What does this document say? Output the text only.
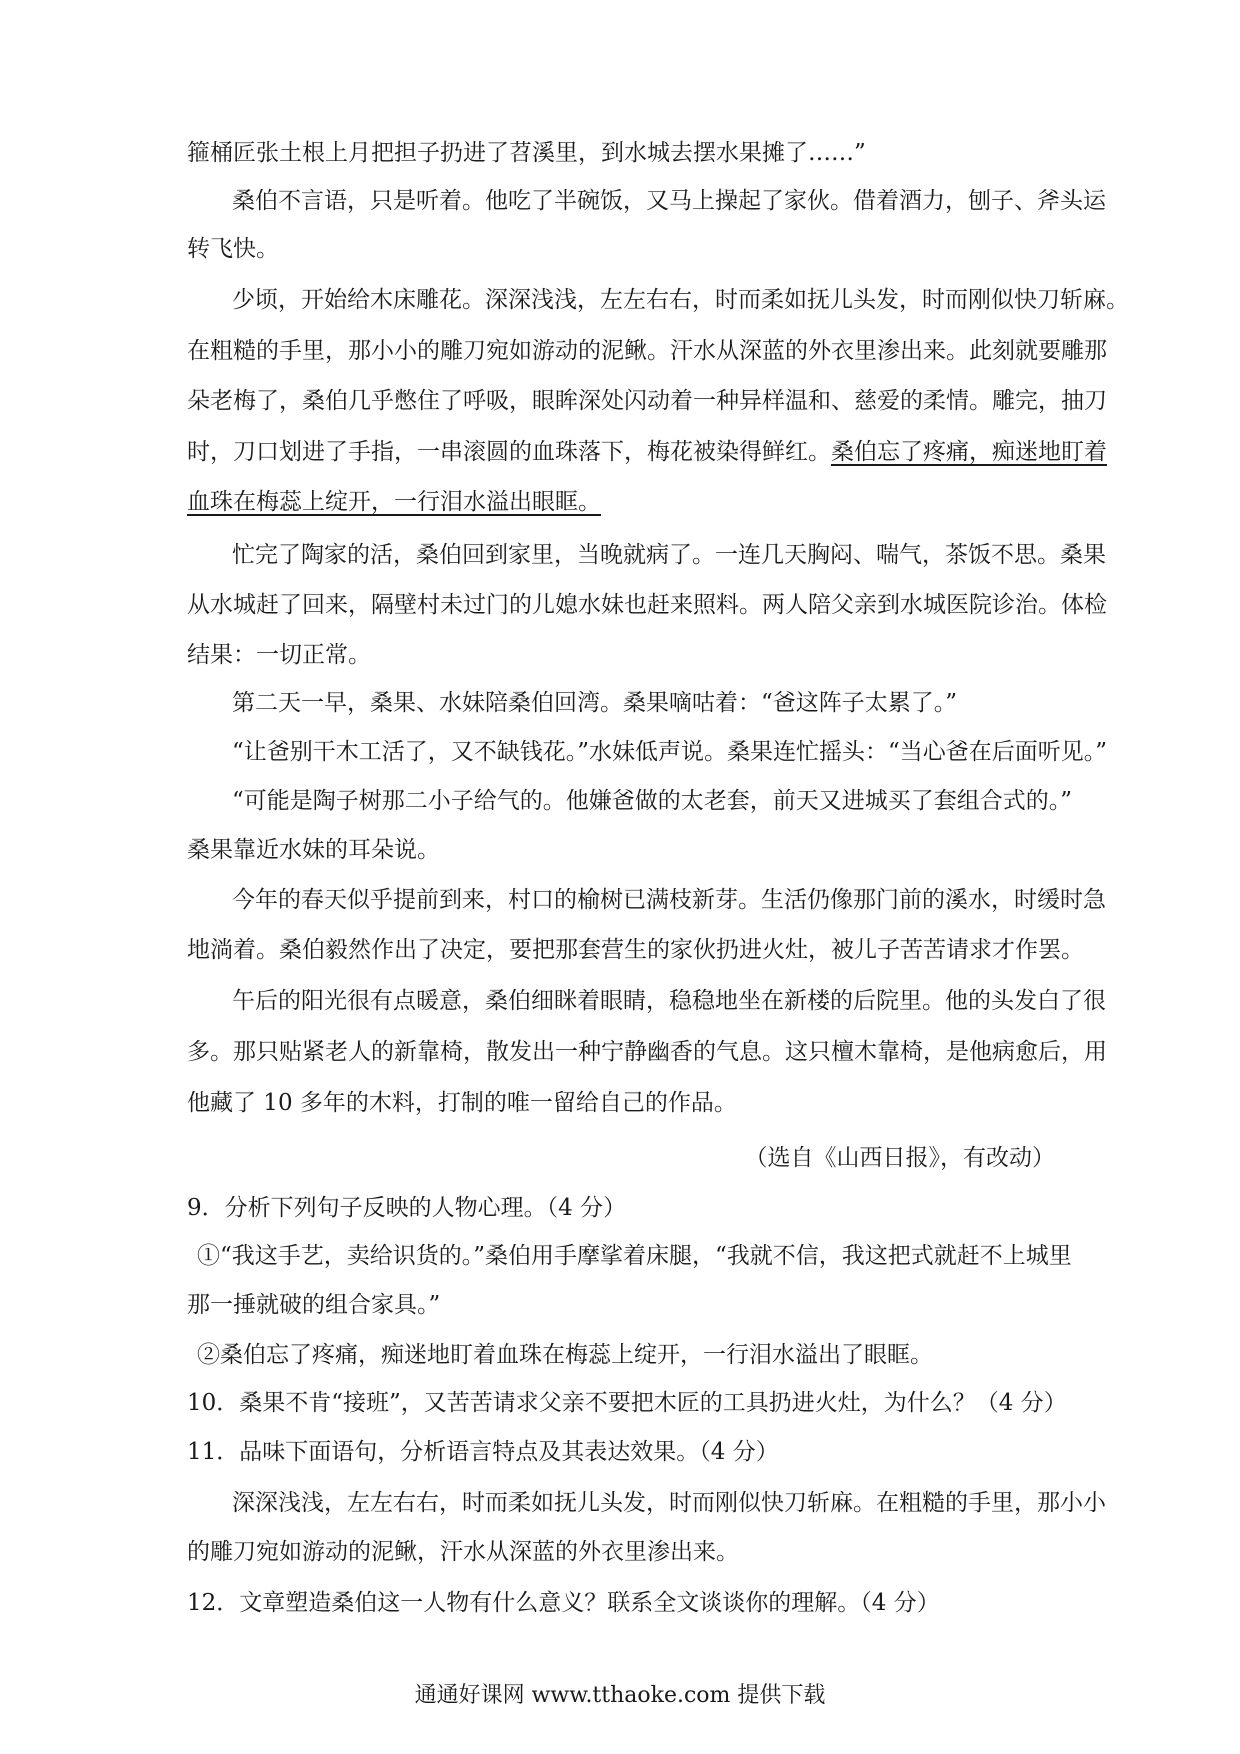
箍桶匠张土根上月把担子扔进了苕溪里，到水城去摆水果摊了……”
桑伯不言语，只是听着。他吃了半碗饭，又马上操起了家伙。借着酒力，刨子、斧头运
转飞快。
少顷，开始给木床雕花。深深浅浅，左左右右，时而柔如抚儿头发，时而刚似快刀斩麻。
在粗糙的手里，那小小的雕刀宛如游动的泥鳅。汗水从深蓝的外衣里渗出来。此刻就要雕那
朵老梅了，桑伯几乎憋住了呼吸，眼眸深处闪动着一种异样温和、慈爱的柔情。雕完，抽刀
时，刀口划进了手指，一串滚圆的血珠落下，梅花被染得鲜红。桑伯忘了疼痛，痴迷地盯着
血珠在梅蕊上绽开，一行泪水溢出眼眶。
忙完了陶家的活，桑伯回到家里，当晚就病了。一连几天胸闷、喘气，茶饭不思。桑果
从水城赶了回来，隔壁村未过门的儿媳水妹也赶来照料。两人陪父亲到水城医院诊治。体检
结果：一切正常。
第二天一早，桑果、水妹陪桑伯回湾。桑果嘀咕着：“爸这阵子太累了。”
“让爸别干木工活了，又不缺钱花。”水妹低声说。桑果连忙摇头：“当心爸在后面听见。”
“可能是陶子树那二小子给气的。他嫌爸做的太老套，前天又进城买了套组合式的。”
桑果靠近水妹的耳朵说。
今年的春天似乎提前到来，村口的榆树已满枝新芽。生活仍像那门前的溪水，时缓时急
地淌着。桑伯毅然作出了决定，要把那套营生的家伙扔进火灶，被儿子苦苦请求才作罢。
午后的阳光很有点暖意，桑伯细眯着眼睛，稳稳地坐在新楼的后院里。他的头发白了很
多。那只贴紧老人的新靠椅，散发出一种宁静幽香的气息。这只檀木靠椅，是他病愈后，用
他藏了 10 多年的木料，打制的唯一留给自己的作品。
（选自《山西日报》，有改动）
9．分析下列句子反映的人物心理。（4 分）
①“我这手艺，卖给识货的。”桑伯用手摩挲着床腿，“我就不信，我这把式就赶不上城里
那一捶就破的组合家具。”
②桑伯忘了疼痛，痴迷地盯着血珠在梅蕊上绽开，一行泪水溢出了眼眶。
10．桑果不肯“接班”，又苦苦请求父亲不要把木匠的工具扔进火灶，为什么？（4 分）
11．品味下面语句，分析语言特点及其表达效果。（4 分）
深深浅浅，左左右右，时而柔如抚儿头发，时而刚似快刀斩麻。在粗糙的手里，那小小
的雕刀宛如游动的泥鳅，汗水从深蓝的外衣里渗出来。
12．文章塑造桑伯这一人物有什么意义？联系全文谈谈你的理解。（4 分）
通通好课网 www.tthaoke.com 提供下载
